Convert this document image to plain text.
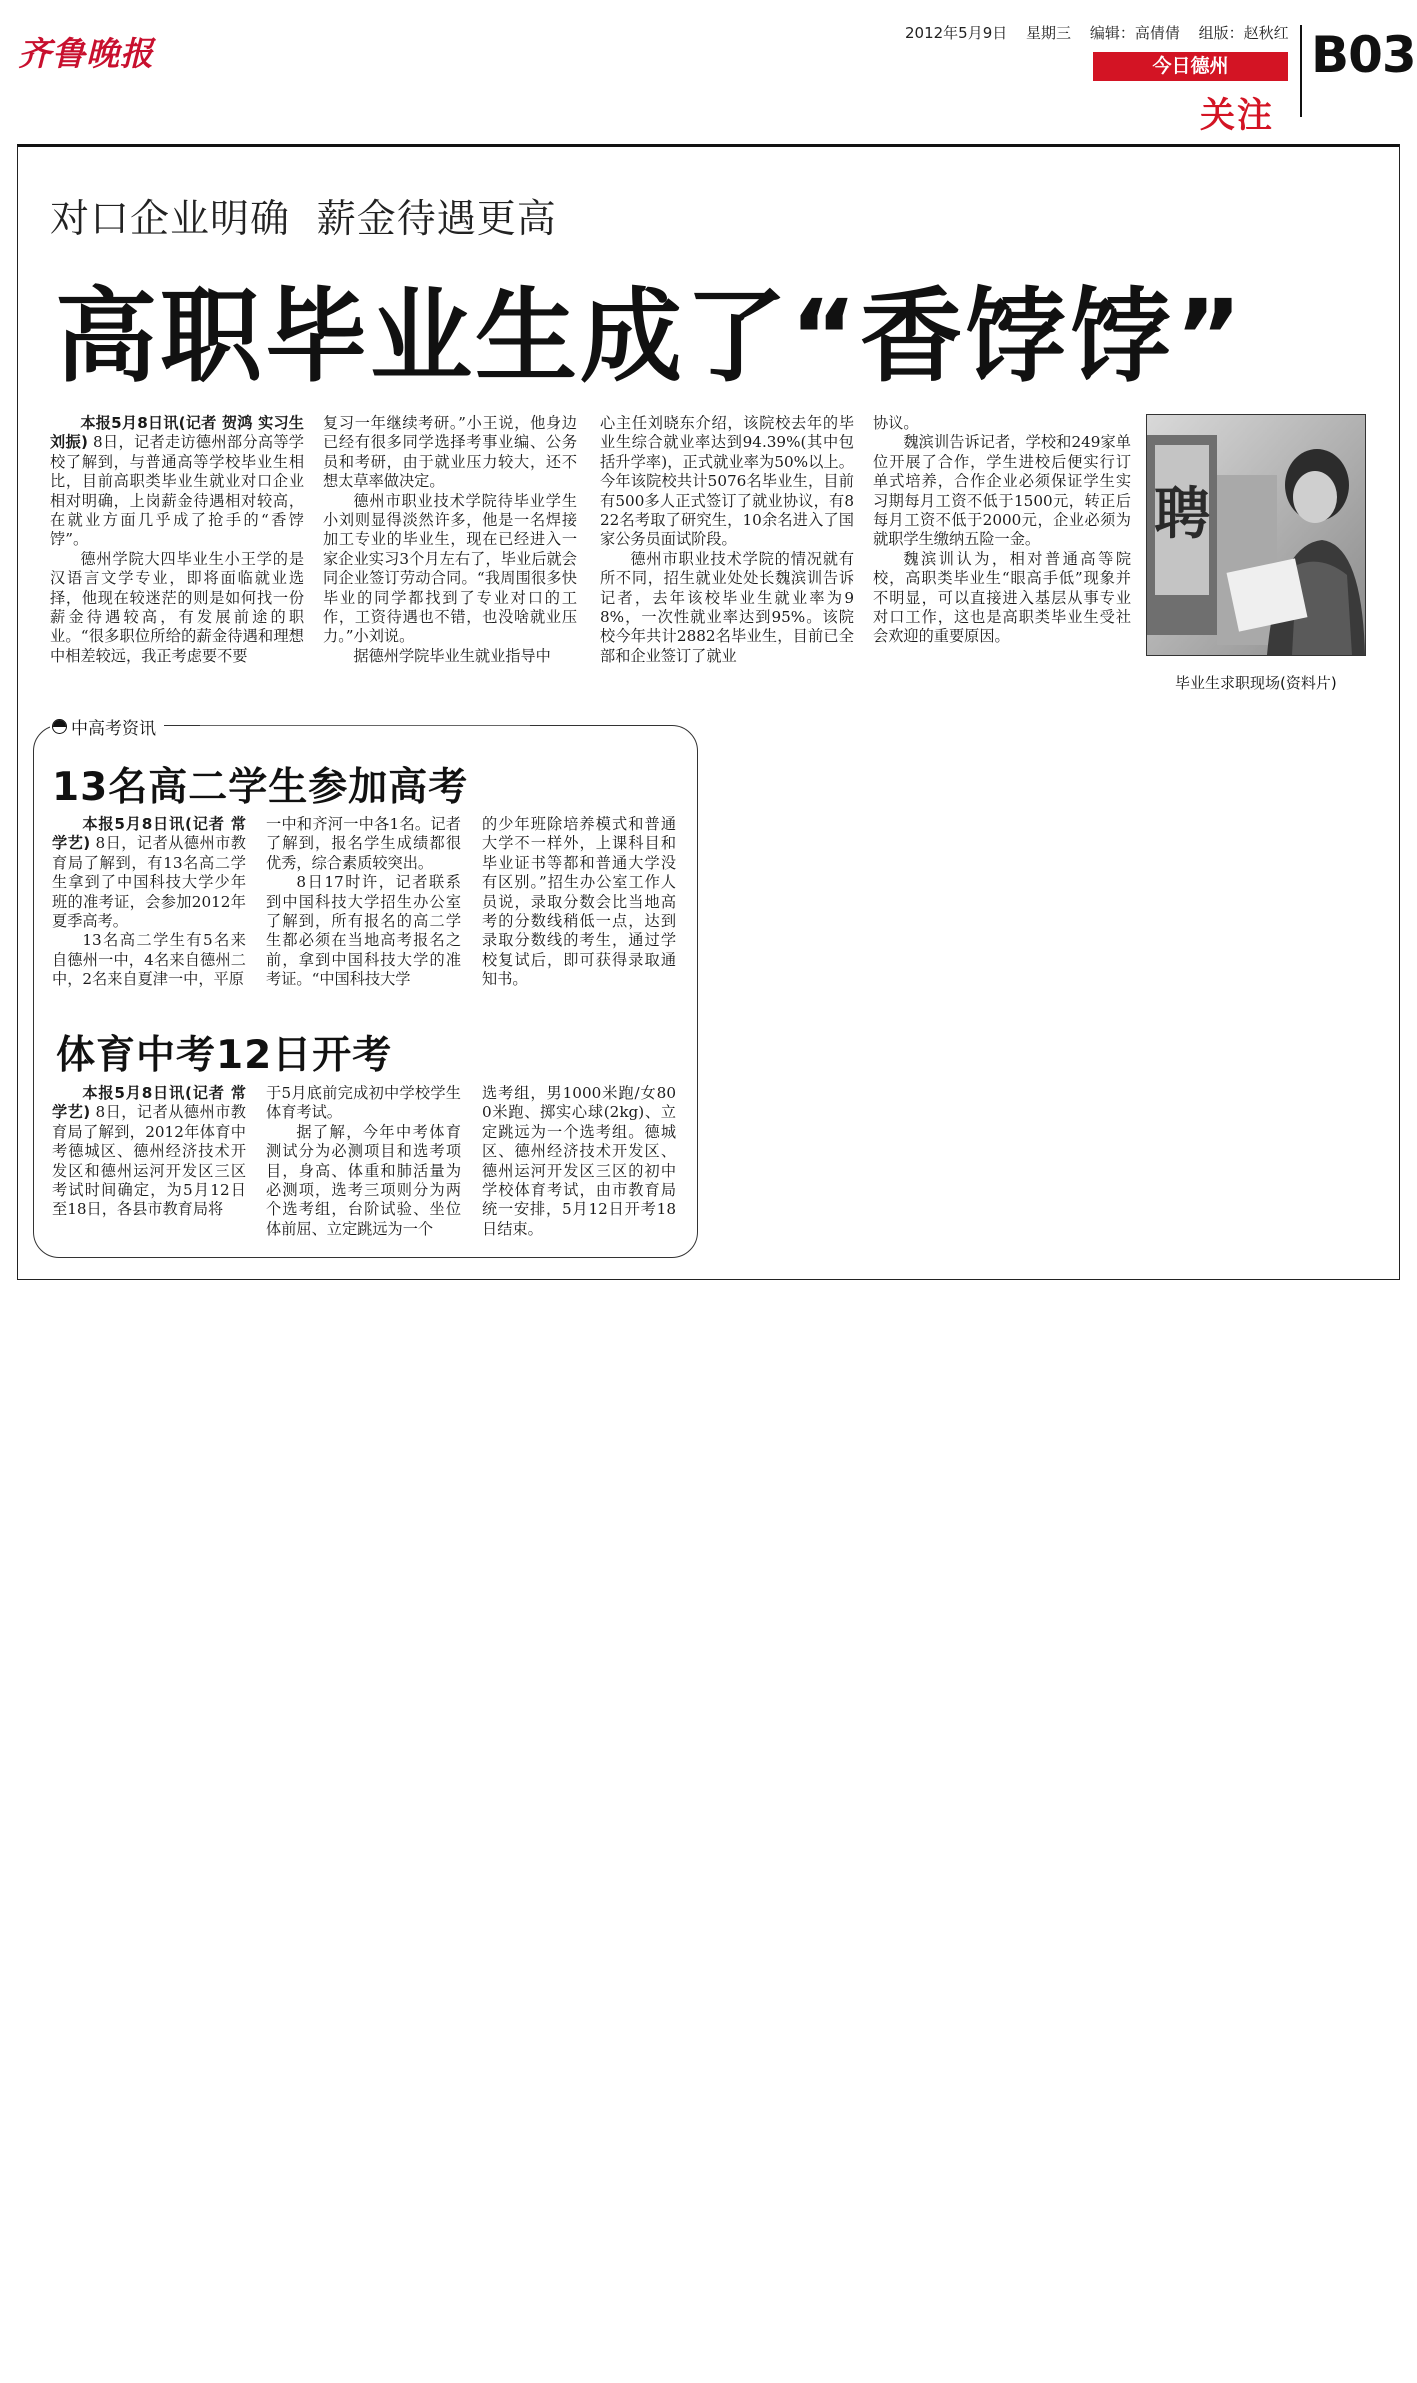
齐鲁晚报
2012年5月9日 星期三 编辑：高倩倩 组版：赵秋红
今日德州
关注
B03
对口企业明确  薪金待遇更高
高职毕业生成了“香饽饽”

本报5月8日讯(记者 贺鸿 实习生 刘振) 8日，记者走访德州部分高等学校了解到，与普通高等学校毕业生相比，目前高职类毕业生就业对口企业相对明确，上岗薪金待遇相对较高，在就业方面几乎成了抢手的“香饽饽”。

德州学院大四毕业生小王学的是汉语言文学专业，即将面临就业选择，他现在较迷茫的则是如何找一份薪金待遇较高，有发展前途的职业。“很多职位所给的薪金待遇和理想中相差较远，我正考虑要不要

复习一年继续考研。”小王说，他身边已经有很多同学选择考事业编、公务员和考研，由于就业压力较大，还不想太草率做决定。

德州市职业技术学院待毕业学生小刘则显得淡然许多，他是一名焊接加工专业的毕业生，现在已经进入一家企业实习3个月左右了，毕业后就会同企业签订劳动合同。“我周围很多快毕业的同学都找到了专业对口的工作，工资待遇也不错，也没啥就业压力。”小刘说。

据德州学院毕业生就业指导中

心主任刘晓东介绍，该院校去年的毕业生综合就业率达到94.39%(其中包括升学率)，正式就业率为50%以上。今年该院校共计5076名毕业生，目前有500多人正式签订了就业协议，有822名考取了研究生，10余名进入了国家公务员面试阶段。

德州市职业技术学院的情况就有所不同，招生就业处处长魏滨训告诉记者，去年该校毕业生就业率为98%，一次性就业率达到95%。该院校今年共计2882名毕业生，目前已全部和企业签订了就业

协议。

魏滨训告诉记者，学校和249家单位开展了合作，学生进校后便实行订单式培养，合作企业必须保证学生实习期每月工资不低于1500元，转正后每月工资不低于2000元，企业必须为就职学生缴纳五险一金。

魏滨训认为，相对普通高等院校，高职类毕业生“眼高手低”现象并不明显，可以直接进入基层从事专业对口工作，这也是高职类毕业生受社会欢迎的重要原因。

聘
毕业生求职现场(资料片)
中高考资讯
13名高二学生参加高考

本报5月8日讯(记者 常学艺) 8日，记者从德州市教育局了解到，有13名高二学生拿到了中国科技大学少年班的准考证，会参加2012年夏季高考。

13名高二学生有5名来自德州一中，4名来自德州二中，2名来自夏津一中，平原

一中和齐河一中各1名。记者了解到，报名学生成绩都很优秀，综合素质较突出。

8日17时许，记者联系到中国科技大学招生办公室了解到，所有报名的高二学生都必须在当地高考报名之前，拿到中国科技大学的准考证。“中国科技大学

的少年班除培养模式和普通大学不一样外，上课科目和毕业证书等都和普通大学没有区别。”招生办公室工作人员说，录取分数会比当地高考的分数线稍低一点，达到录取分数线的考生，通过学校复试后，即可获得录取通知书。

体育中考12日开考

本报5月8日讯(记者 常学艺) 8日，记者从德州市教育局了解到，2012年体育中考德城区、德州经济技术开发区和德州运河开发区三区考试时间确定，为5月12日至18日，各县市教育局将

于5月底前完成初中学校学生体育考试。

据了解，今年中考体育测试分为必测项目和选考项目，身高、体重和肺活量为必测项，选考三项则分为两个选考组，台阶试验、坐位体前屈、立定跳远为一个

选考组，男1000米跑/女800米跑、掷实心球(2kg)、立定跳远为一个选考组。德城区、德州经济技术开发区、德州运河开发区三区的初中学校体育考试，由市教育局统一安排，5月12日开考18日结束。
